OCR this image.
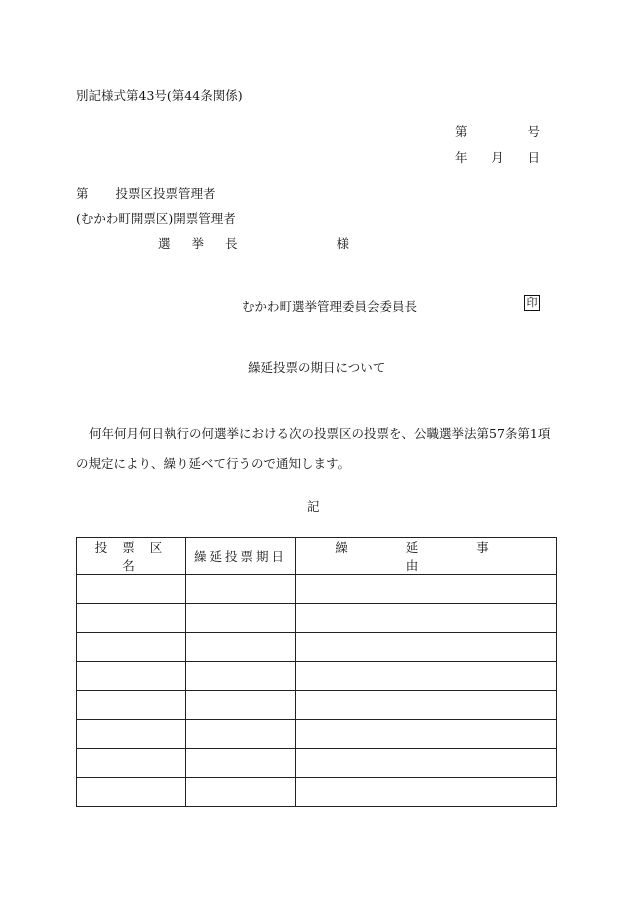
別記様式第43号(第44条関係)
第	号
年 月 日
第 投票区投票管理者
(むかわ町開票区)開票管理者
選挙長	様
むかわ町選挙管理委員会委員長	印
繰延投票の期日について
何年何月何日執行の何選挙における次の投票区の投票を、公職選挙法第57条第1項の規定により、繰り延べて行うので通知します。
記
投票区名	繰延投票期日	繰延事由
